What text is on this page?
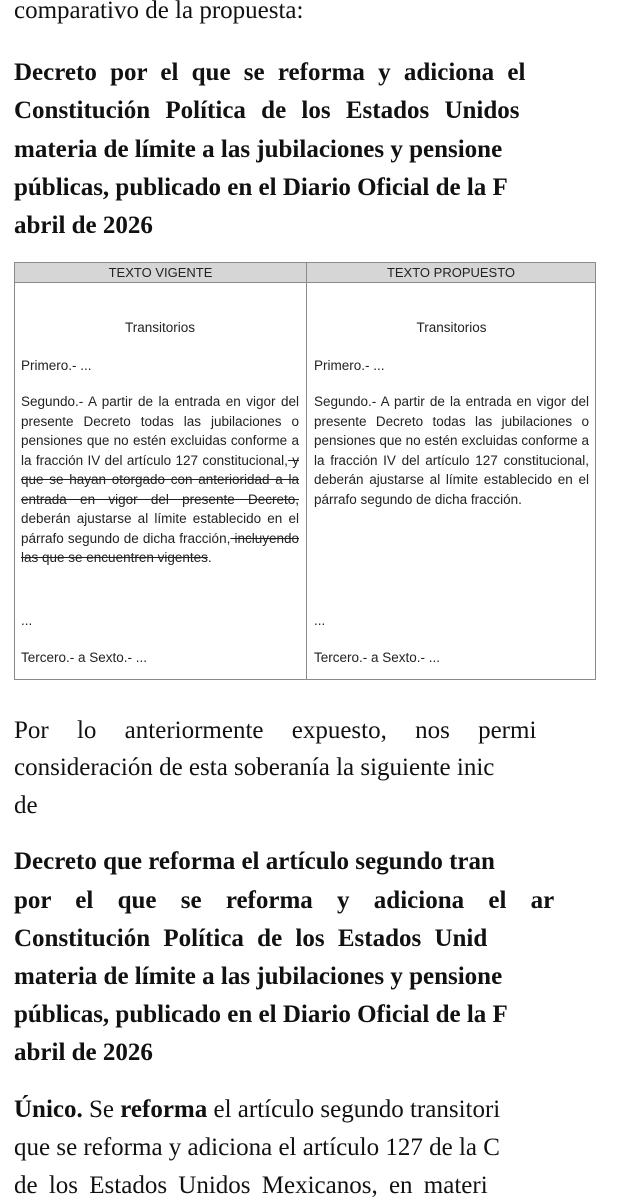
comparativo de la propuesta:
Decreto por el que se reforma y adiciona el
Constitución Política de los Estados Unidos
materia de límite a las jubilaciones y pensione
públicas, publicado en el Diario Oficial de la F
abril de 2026
Por lo anteriormente expuesto, nos permi
consideración de esta soberanía la siguiente inic
de
Decreto que reforma el artículo segundo tran
por el que se reforma y adiciona el ar
Constitución Política de los Estados Unid
materia de límite a las jubilaciones y pensione
públicas, publicado en el Diario Oficial de la F
abril de 2026
Único. Se reforma el artículo segundo transitori
que se reforma y adiciona el artículo 127 de la C
de los Estados Unidos Mexicanos, en materi
TEXTO VIGENTE	TEXTO PROPUESTO
Transitorios
Primero.- ...
Segundo.- A partir de la entrada en vigor del presente Decreto todas las jubilaciones o pensiones que no estén excluidas conforme a la fracción IV del artículo 127 constitucional, y que se hayan otorgado con anterioridad a la entrada en vigor del presente Decreto, deberán ajustarse al límite establecido en el párrafo segundo de dicha fracción, incluyendo las que se encuentren vigentes.
...
Tercero.- a Sexto.- ...
Transitorios
Primero.- ...
Segundo.- A partir de la entrada en vigor del presente Decreto todas las jubilaciones o pensiones que no estén excluidas conforme a la fracción IV del artículo 127 constitucional, deberán ajustarse al límite establecido en el párrafo segundo de dicha fracción.
...
Tercero.- a Sexto.- ...
